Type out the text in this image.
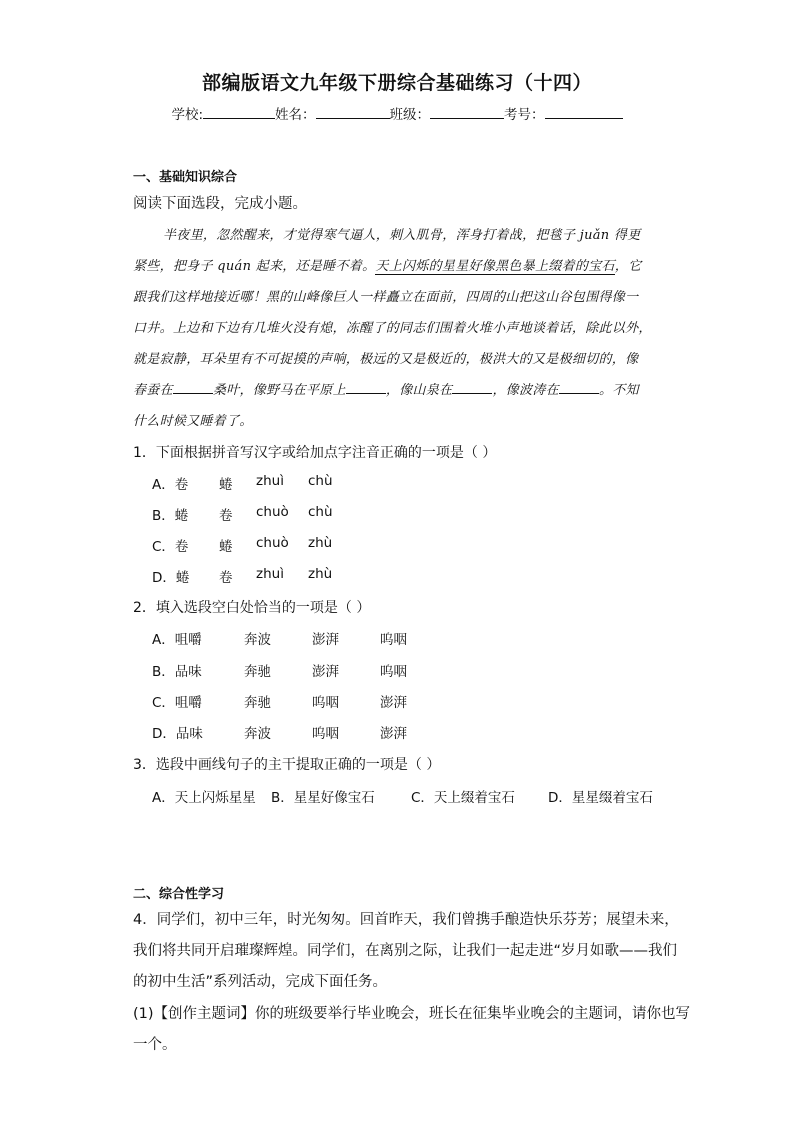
部编版语文九年级下册综合基础练习（十四）
学校:	姓名：	班级：	考号：
一、基础知识综合
阅读下面选段，完成小题。
半夜里，忽然醒来，才觉得寒气逼人，刺入肌骨，浑身打着战，把毯子 juǎn 得更
紧些，把身子 quán 起来，还是睡不着。天上闪烁的星星好像黑色暴上缀着的宝石，它
跟我们这样地接近哪！黑的山峰像巨人一样矗立在面前，四周的山把这山谷包围得像一
口井。上边和下边有几堆火没有熄，冻醒了的同志们围着火堆小声地谈着话，除此以外，
就是寂静，耳朵里有不可捉摸的声响，极远的又是极近的，极洪大的又是极细切的，像
春蚕在	桑叶，像野马在平原上	，像山泉在	，像波涛在	。不知
什么时候又睡着了。
1．下面根据拼音写汉字或给加点字注音正确的一项是（ ）
A．卷 蜷 zhuì chù
B．蜷 卷 chuò chù
C．卷 蜷 chuò zhù
D．蜷 卷 zhuì zhù
2．填入选段空白处恰当的一项是（ ）
A．咀嚼	奔波	澎湃	呜咽
B．品味	奔驰	澎湃	呜咽
C．咀嚼	奔驰	呜咽	澎湃
D．品味	奔波	呜咽	澎湃
3．选段中画线句子的主干提取正确的一项是（ ）
A．天上闪烁星星 B．星星好像宝石	C．天上缀着宝石 D．星星缀着宝石
二、综合性学习
4．同学们，初中三年，时光匆匆。回首昨天，我们曾携手酿造快乐芬芳；展望未来，
我们将共同开启璀璨辉煌。同学们，在离别之际，让我们一起走进“岁月如歌——我们
的初中生活”系列活动，完成下面任务。
(1)【创作主题词】你的班级要举行毕业晚会，班长在征集毕业晚会的主题词，请你也写
一个。
